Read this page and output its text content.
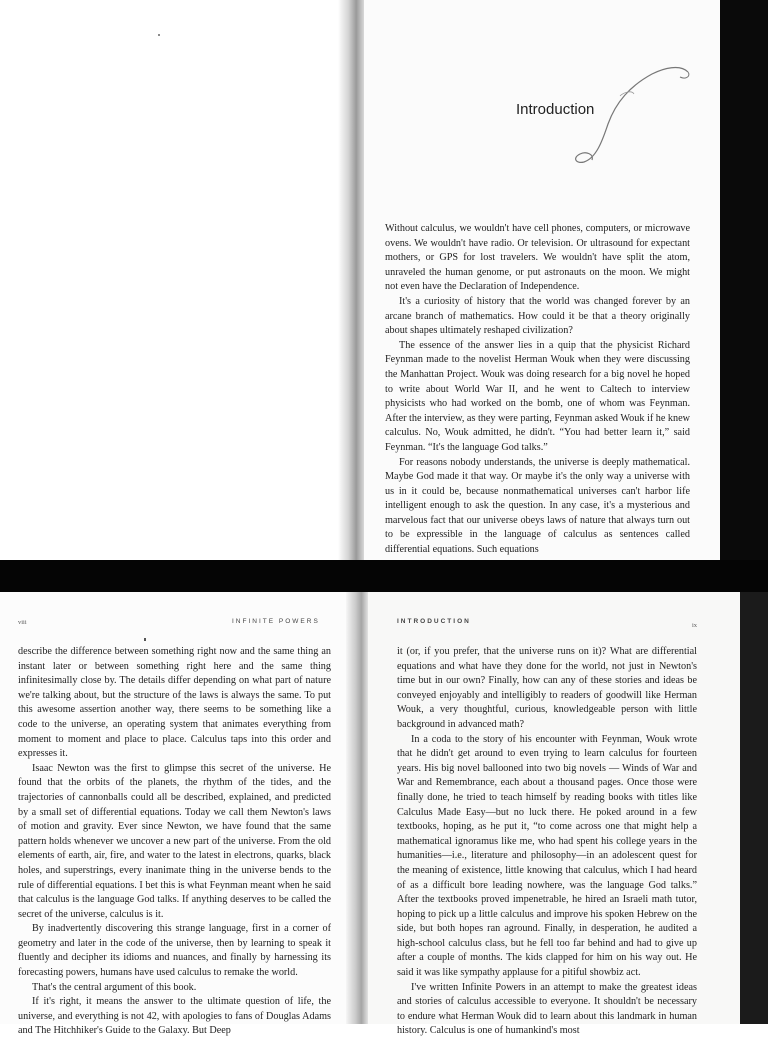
Introduction

Without calculus, we wouldn't have cell phones, computers, or microwave ovens. We wouldn't have radio. Or television. Or ultrasound for expectant mothers, or GPS for lost travelers. We wouldn't have split the atom, unraveled the human genome, or put astronauts on the moon. We might not even have the Declaration of Independence.

It's a curiosity of history that the world was changed forever by an arcane branch of mathematics. How could it be that a theory originally about shapes ultimately reshaped civilization?

The essence of the answer lies in a quip that the physicist Richard Feynman made to the novelist Herman Wouk when they were discussing the Manhattan Project. Wouk was doing research for a big novel he hoped to write about World War II, and he went to Caltech to interview physicists who had worked on the bomb, one of whom was Feynman. After the interview, as they were parting, Feynman asked Wouk if he knew calculus. No, Wouk admitted, he didn't. “You had better learn it,” said Feynman. “It's the language God talks.”

For reasons nobody understands, the universe is deeply mathematical. Maybe God made it that way. Or maybe it's the only way a universe with us in it could be, because nonmathematical universes can't harbor life intelligent enough to ask the question. In any case, it's a mysterious and marvelous fact that our universe obeys laws of nature that always turn out to be expressible in the language of calculus as sentences called differential equations. Such equations

viii	INFINITE POWERS

describe the difference between something right now and the same thing an instant later or between something right here and the same thing infinitesimally close by. The details differ depending on what part of nature we're talking about, but the structure of the laws is always the same. To put this awesome assertion another way, there seems to be something like a code to the universe, an operating system that animates everything from moment to moment and place to place. Calculus taps into this order and expresses it.

Isaac Newton was the first to glimpse this secret of the universe. He found that the orbits of the planets, the rhythm of the tides, and the trajectories of cannonballs could all be described, explained, and predicted by a small set of differential equations. Today we call them Newton's laws of motion and gravity. Ever since Newton, we have found that the same pattern holds whenever we uncover a new part of the universe. From the old elements of earth, air, fire, and water to the latest in electrons, quarks, black holes, and superstrings, every inanimate thing in the universe bends to the rule of differential equations. I bet this is what Feynman meant when he said that calculus is the language God talks. If anything deserves to be called the secret of the universe, calculus is it.

By inadvertently discovering this strange language, first in a corner of geometry and later in the code of the universe, then by learning to speak it fluently and decipher its idioms and nuances, and finally by harnessing its forecasting powers, humans have used calculus to remake the world.

That's the central argument of this book.

If it's right, it means the answer to the ultimate question of life, the universe, and everything is not 42, with apologies to fans of Douglas Adams and The Hitchhiker's Guide to the Galaxy. But Deep

INTRODUCTION
ix

it (or, if you prefer, that the universe runs on it)? What are differential equations and what have they done for the world, not just in Newton's time but in our own? Finally, how can any of these stories and ideas be conveyed enjoyably and intelligibly to readers of goodwill like Herman Wouk, a very thoughtful, curious, knowledgeable person with little background in advanced math?

In a coda to the story of his encounter with Feynman, Wouk wrote that he didn't get around to even trying to learn calculus for fourteen years. His big novel ballooned into two big novels — Winds of War and War and Remembrance, each about a thousand pages. Once those were finally done, he tried to teach himself by reading books with titles like Calculus Made Easy—but no luck there. He poked around in a few textbooks, hoping, as he put it, “to come across one that might help a mathematical ignoramus like me, who had spent his college years in the humanities—i.e., literature and philosophy—in an adolescent quest for the meaning of existence, little knowing that calculus, which I had heard of as a difficult bore leading nowhere, was the language God talks.” After the textbooks proved impenetrable, he hired an Israeli math tutor, hoping to pick up a little calculus and improve his spoken Hebrew on the side, but both hopes ran aground. Finally, in desperation, he audited a high-school calculus class, but he fell too far behind and had to give up after a couple of months. The kids clapped for him on his way out. He said it was like sympathy applause for a pitiful showbiz act.

I've written Infinite Powers in an attempt to make the greatest ideas and stories of calculus accessible to everyone. It shouldn't be necessary to endure what Herman Wouk did to learn about this landmark in human history. Calculus is one of humankind's most
